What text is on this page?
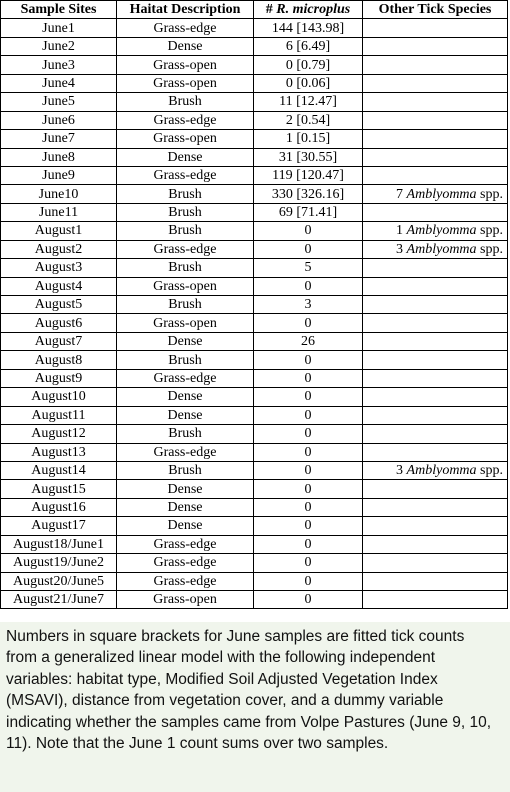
Sample Sites	Haitat Description	# R. microplus	Other Tick Species
June1	Grass-edge	144 [143.98]	
June2	Dense	6 [6.49]	
June3	Grass-open	0 [0.79]	
June4	Grass-open	0 [0.06]	
June5	Brush	11 [12.47]	
June6	Grass-edge	2 [0.54]	
June7	Grass-open	1 [0.15]	
June8	Dense	31 [30.55]	
June9	Grass-edge	119 [120.47]	
June10	Brush	330 [326.16]	7 Amblyomma spp.
June11	Brush	69 [71.41]	
August1	Brush	0	1 Amblyomma spp.
August2	Grass-edge	0	3 Amblyomma spp.
August3	Brush	5	
August4	Grass-open	0	
August5	Brush	3	
August6	Grass-open	0	
August7	Dense	26	
August8	Brush	0	
August9	Grass-edge	0	
August10	Dense	0	
August11	Dense	0	
August12	Brush	0	
August13	Grass-edge	0	
August14	Brush	0	3 Amblyomma spp.
August15	Dense	0	
August16	Dense	0	
August17	Dense	0	
August18/June1	Grass-edge	0	
August19/June2	Grass-edge	0	
August20/June5	Grass-edge	0	
August21/June7	Grass-open	0	
Numbers in square brackets for June samples are fitted tick counts from a generalized linear model with the following independent variables: habitat type, Modified Soil Adjusted Vegetation Index (MSAVI), distance from vegetation cover, and a dummy variable indicating whether the samples came from Volpe Pastures (June 9, 10, 11). Note that the June 1 count sums over two samples.
